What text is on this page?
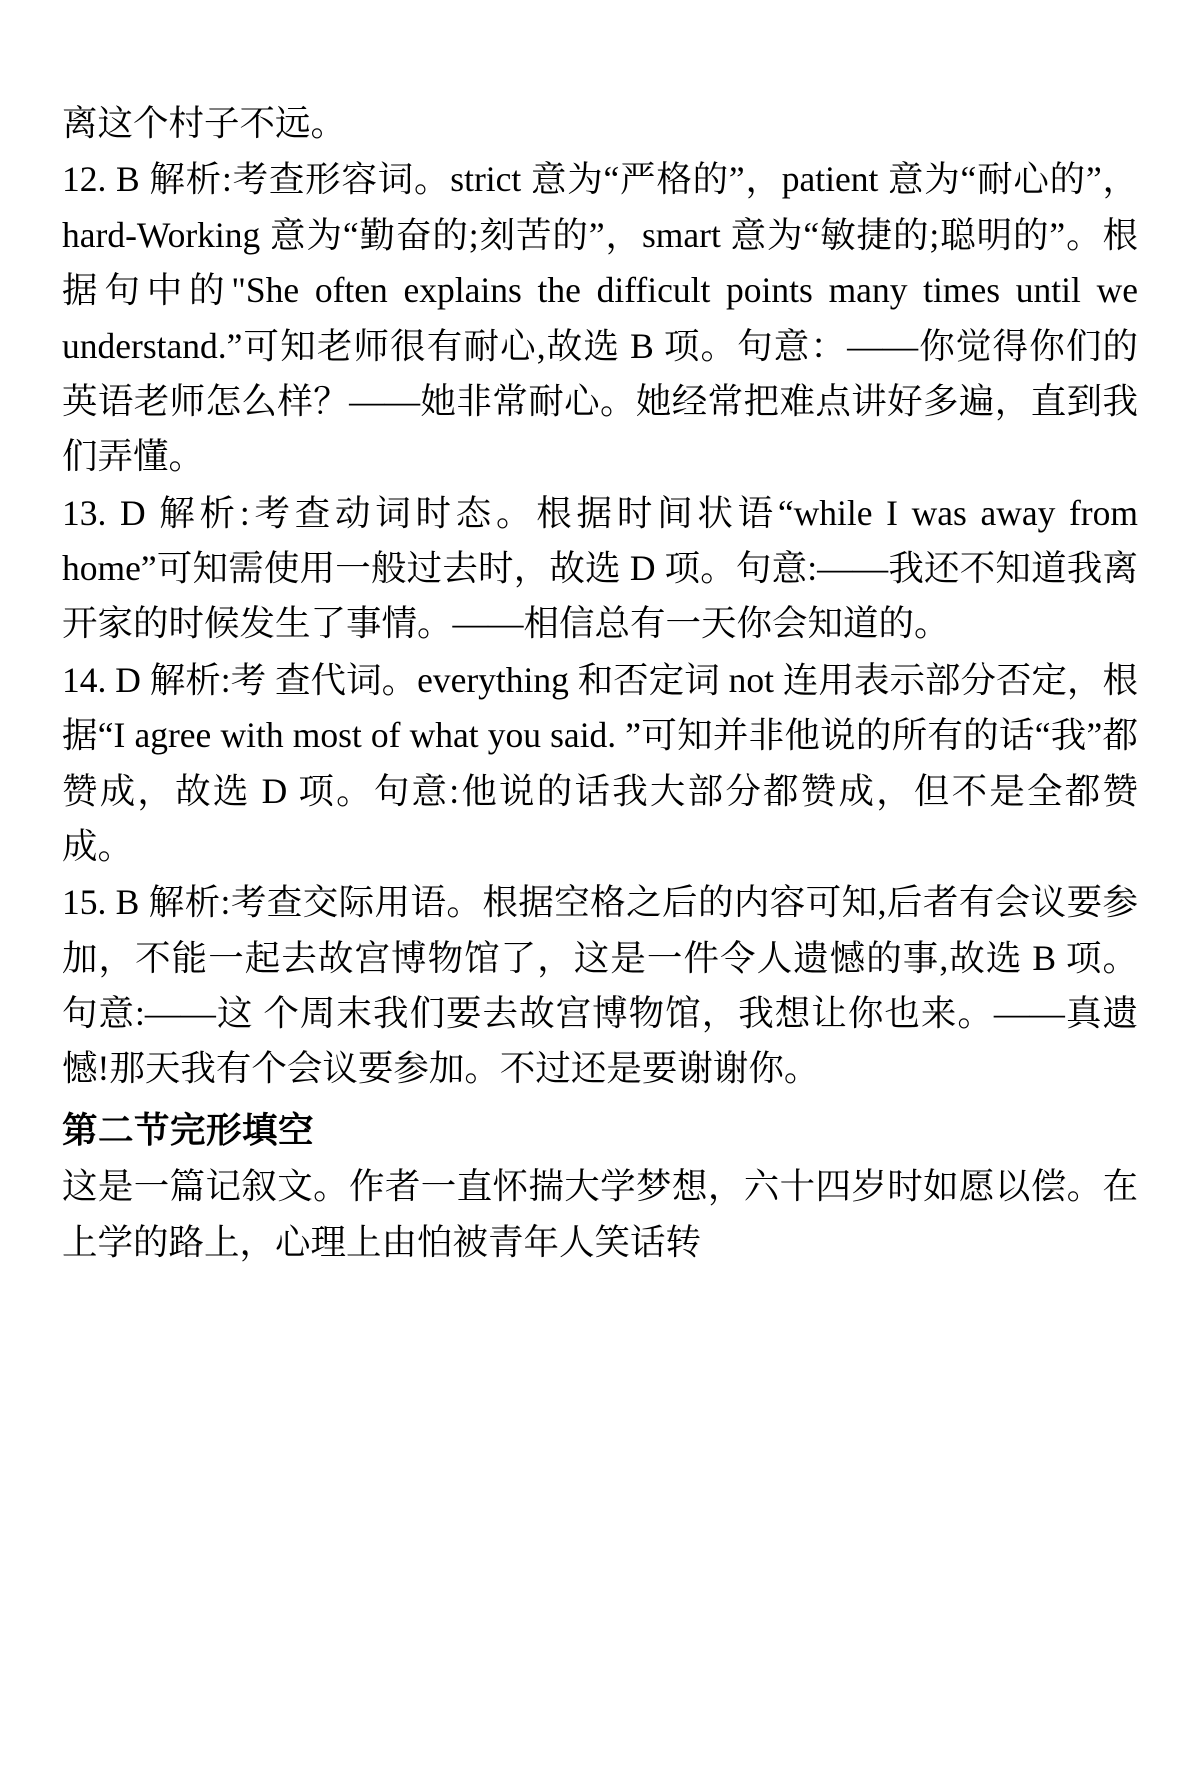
离这个村子不远。

12. B 解析:考查形容词。strict 意为“严格的”，patient 意为“耐心的”，hard-Working 意为“勤奋的;刻苦的”，smart 意为“敏捷的;聪明的”。根据句中的"She often explains the difficult points many times until we understand.”可知老师很有耐心,故选 B 项。句意：——你觉得你们的英语老师怎么样？——她非常耐心。她经常把难点讲好多遍，直到我们弄懂。

13. D 解析:考查动词时态。根据时间状语“while I was away from home”可知需使用一般过去时，故选 D 项。句意:——我还不知道我离开家的时候发生了事情。——相信总有一天你会知道的。

14. D 解析:考 查代词。everything 和否定词 not 连用表示部分否定，根据“I agree with most of what you said. ”可知并非他说的所有的话“我”都赞成，故选 D 项。句意:他说的话我大部分都赞成，但不是全都赞成。

15. B 解析:考查交际用语。根据空格之后的内容可知,后者有会议要参加，不能一起去故宫博物馆了，这是一件令人遗憾的事,故选 B 项。句意:——这 个周末我们要去故宫博物馆，我想让你也来。——真遗憾!那天我有个会议要参加。不过还是要谢谢你。

第二节完形填空

这是一篇记叙文。作者一直怀揣大学梦想，六十四岁时如愿以偿。在上学的路上，心理上由怕被青年人笑话转
